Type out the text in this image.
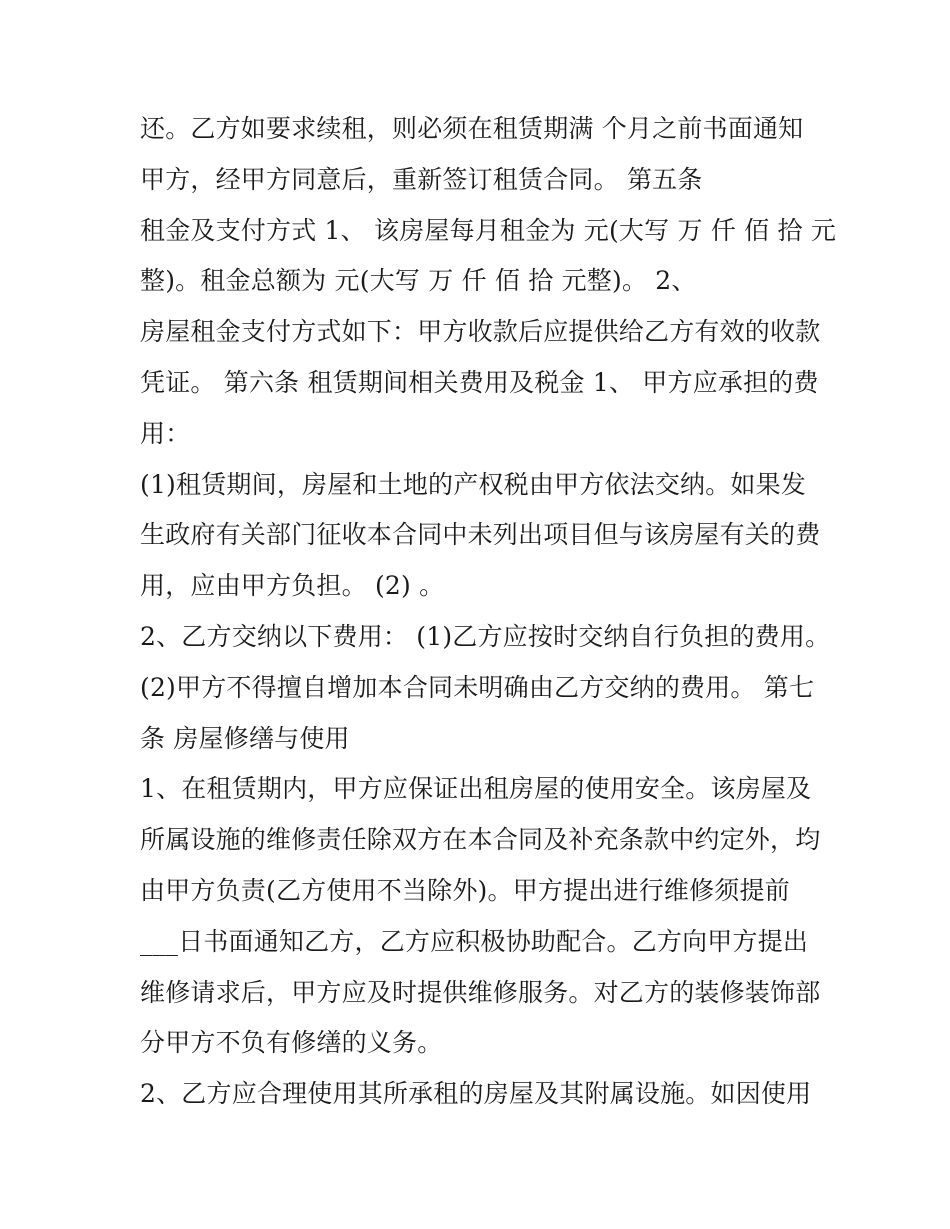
还。乙方如要求续租，则必须在租赁期满 个月之前书面通知
甲方，经甲方同意后，重新签订租赁合同。 第五条
租金及支付方式 1、 该房屋每月租金为 元(大写 万 仟 佰 拾 元
整)。租金总额为 元(大写 万 仟 佰 拾 元整)。 2、
房屋租金支付方式如下：甲方收款后应提供给乙方有效的收款
凭证。 第六条 租赁期间相关费用及税金 1、 甲方应承担的费
用：
(1)租赁期间，房屋和土地的产权税由甲方依法交纳。如果发
生政府有关部门征收本合同中未列出项目但与该房屋有关的费
用，应由甲方负担。 (2) 。
2、乙方交纳以下费用： (1)乙方应按时交纳自行负担的费用。
(2)甲方不得擅自增加本合同未明确由乙方交纳的费用。 第七
条 房屋修缮与使用
1、在租赁期内，甲方应保证出租房屋的使用安全。该房屋及
所属设施的维修责任除双方在本合同及补充条款中约定外，均
由甲方负责(乙方使用不当除外)。甲方提出进行维修须提前
___日书面通知乙方，乙方应积极协助配合。乙方向甲方提出
维修请求后，甲方应及时提供维修服务。对乙方的装修装饰部
分甲方不负有修缮的义务。
2、乙方应合理使用其所承租的房屋及其附属设施。如因使用
